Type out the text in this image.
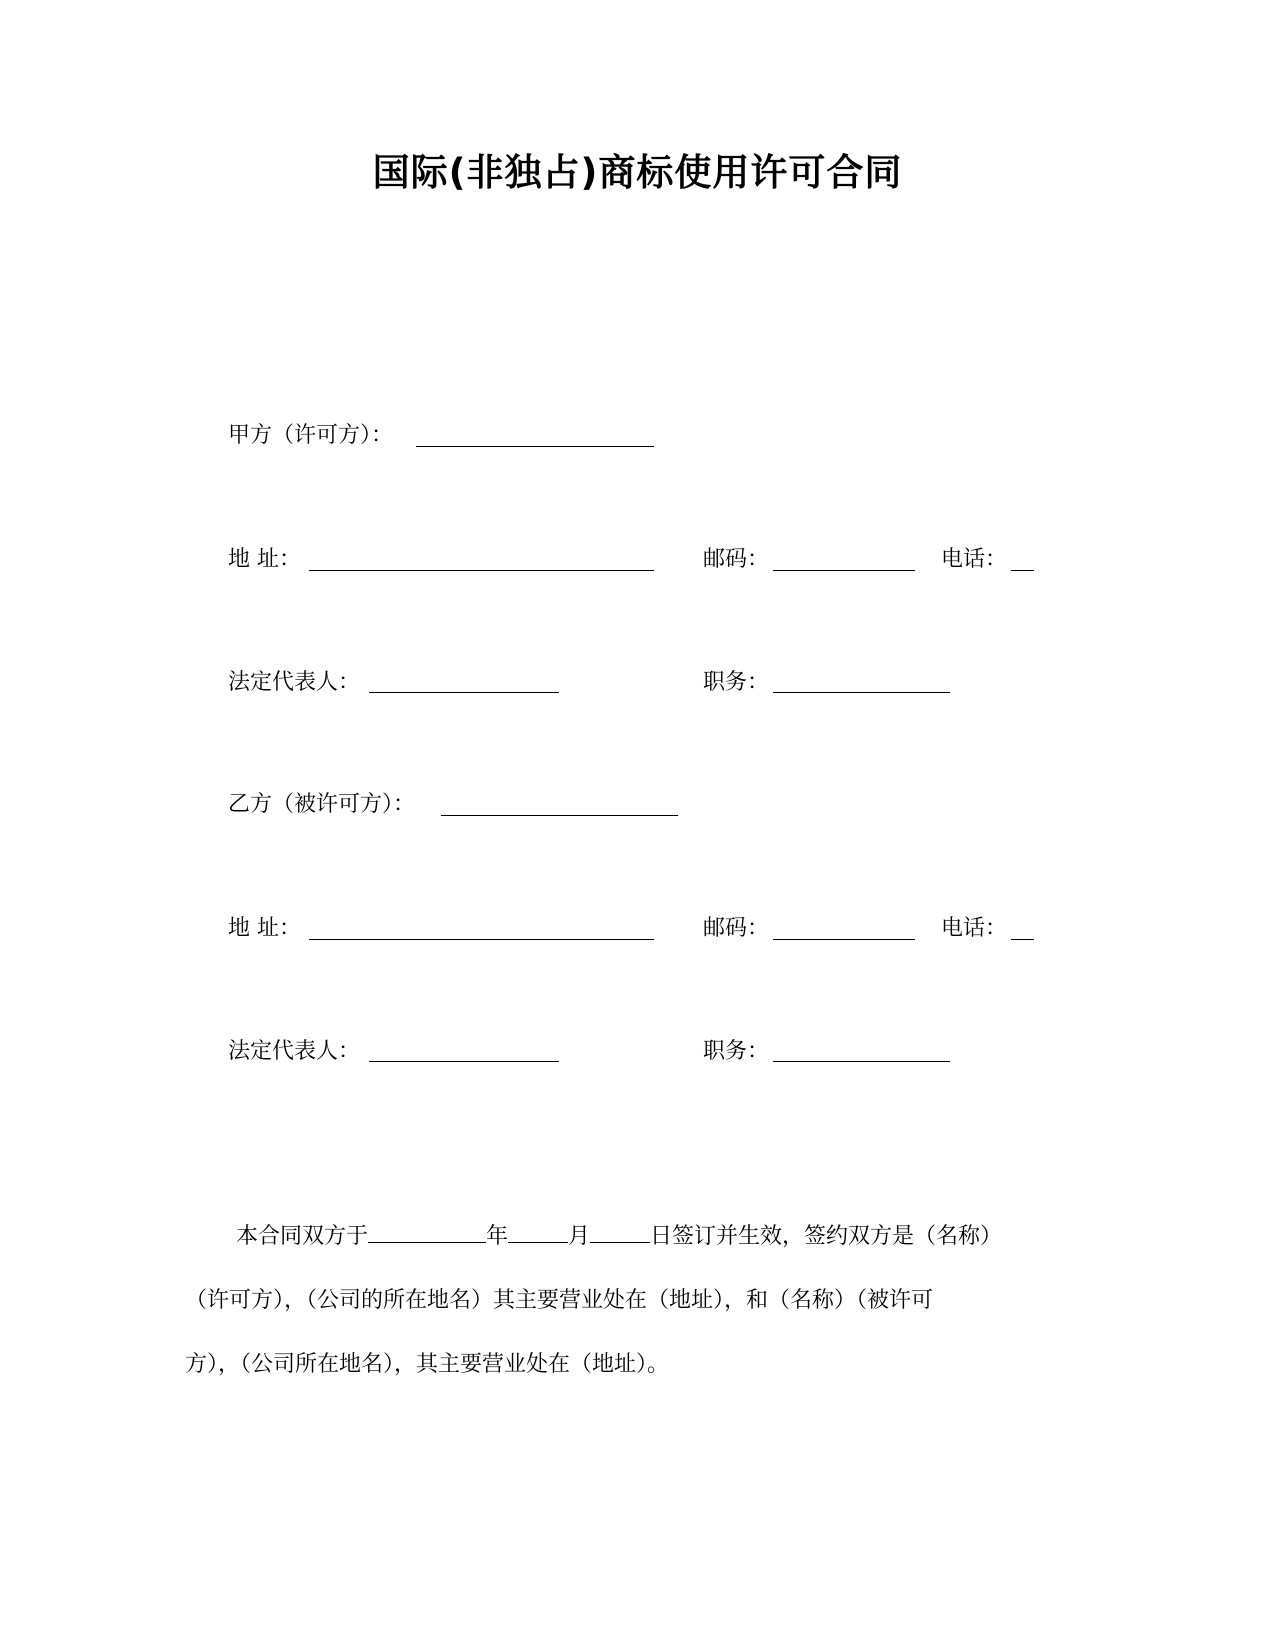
国际(非独占)商标使用许可合同
甲方（许可方）：
地 址：	邮码：	电话：
法定代表人：	职务：
乙方（被许可方）：
地 址：	邮码：	电话：
法定代表人：	职务：
本合同双方于	年	月	日签订并生效，签约双方是（名称）
（许可方），（公司的所在地名）其主要营业处在（地址），和（名称）（被许可
方），（公司所在地名），其主要营业处在（地址）。
